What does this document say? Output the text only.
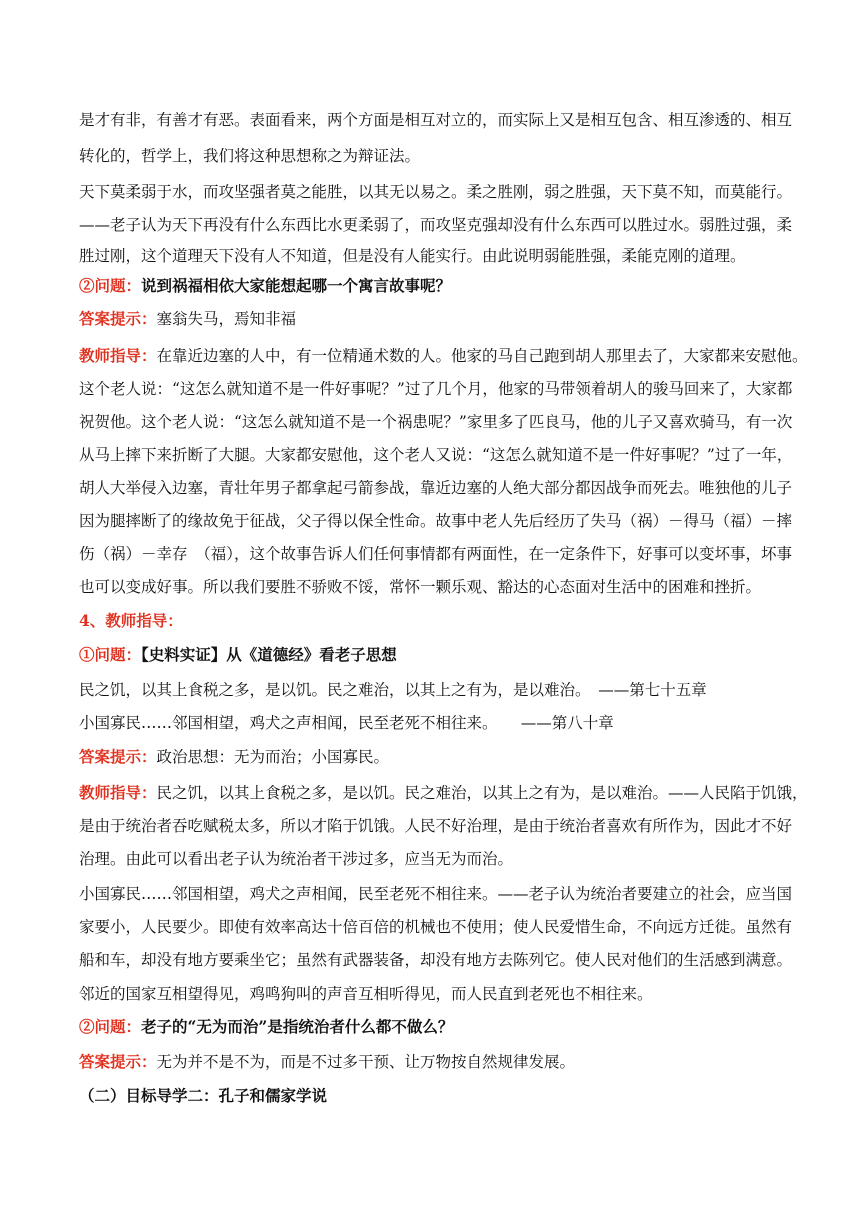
是才有非，有善才有恶。表面看来，两个方面是相互对立的，而实际上又是相互包含、相互渗透的、相互
转化的，哲学上，我们将这种思想称之为辩证法。
天下莫柔弱于水，而攻坚强者莫之能胜，以其无以易之。柔之胜刚，弱之胜强，天下莫不知，而莫能行。
——老子认为天下再没有什么东西比水更柔弱了，而攻坚克强却没有什么东西可以胜过水。弱胜过强，柔
胜过刚，这个道理天下没有人不知道，但是没有人能实行。由此说明弱能胜强，柔能克刚的道理。
②问题：说到祸福相依大家能想起哪一个寓言故事呢？
答案提示：塞翁失马，焉知非福
教师指导：在靠近边塞的人中，有一位精通术数的人。他家的马自己跑到胡人那里去了，大家都来安慰他。
这个老人说：“这怎么就知道不是一件好事呢？”过了几个月，他家的马带领着胡人的骏马回来了，大家都
祝贺他。这个老人说：“这怎么就知道不是一个祸患呢？”家里多了匹良马，他的儿子又喜欢骑马，有一次
从马上摔下来折断了大腿。大家都安慰他，这个老人又说：“这怎么就知道不是一件好事呢？”过了一年，
胡人大举侵入边塞，青壮年男子都拿起弓箭参战，靠近边塞的人绝大部分都因战争而死去。唯独他的儿子
因为腿摔断了的缘故免于征战，父子得以保全性命。故事中老人先后经历了失马（祸）－得马（福）－摔
伤（祸）－幸存　（福），这个故事告诉人们任何事情都有两面性，在一定条件下，好事可以变坏事，坏事
也可以变成好事。所以我们要胜不骄败不馁，常怀一颗乐观、豁达的心态面对生活中的困难和挫折。
4、教师指导：
①问题：【史料实证】从《道德经》看老子思想
民之饥，以其上食税之多，是以饥。民之难治，以其上之有为，是以难治。　——第七十五章
小国寡民……邻国相望，鸡犬之声相闻，民至老死不相往来。　　——第八十章
答案提示：政治思想：无为而治；小国寡民。
教师指导：民之饥，以其上食税之多，是以饥。民之难治，以其上之有为，是以难治。——人民陷于饥饿，
是由于统治者吞吃赋税太多，所以才陷于饥饿。人民不好治理，是由于统治者喜欢有所作为，因此才不好
治理。由此可以看出老子认为统治者干涉过多，应当无为而治。
小国寡民……邻国相望，鸡犬之声相闻，民至老死不相往来。——老子认为统治者要建立的社会，应当国
家要小，人民要少。即使有效率高达十倍百倍的机械也不使用；使人民爱惜生命，不向远方迁徙。虽然有
船和车，却没有地方要乘坐它；虽然有武器装备，却没有地方去陈列它。使人民对他们的生活感到满意。
邻近的国家互相望得见，鸡鸣狗叫的声音互相听得见，而人民直到老死也不相往来。
②问题：老子的“无为而治”是指统治者什么都不做么？
答案提示：无为并不是不为，而是不过多干预、让万物按自然规律发展。
（二）目标导学二：孔子和儒家学说
